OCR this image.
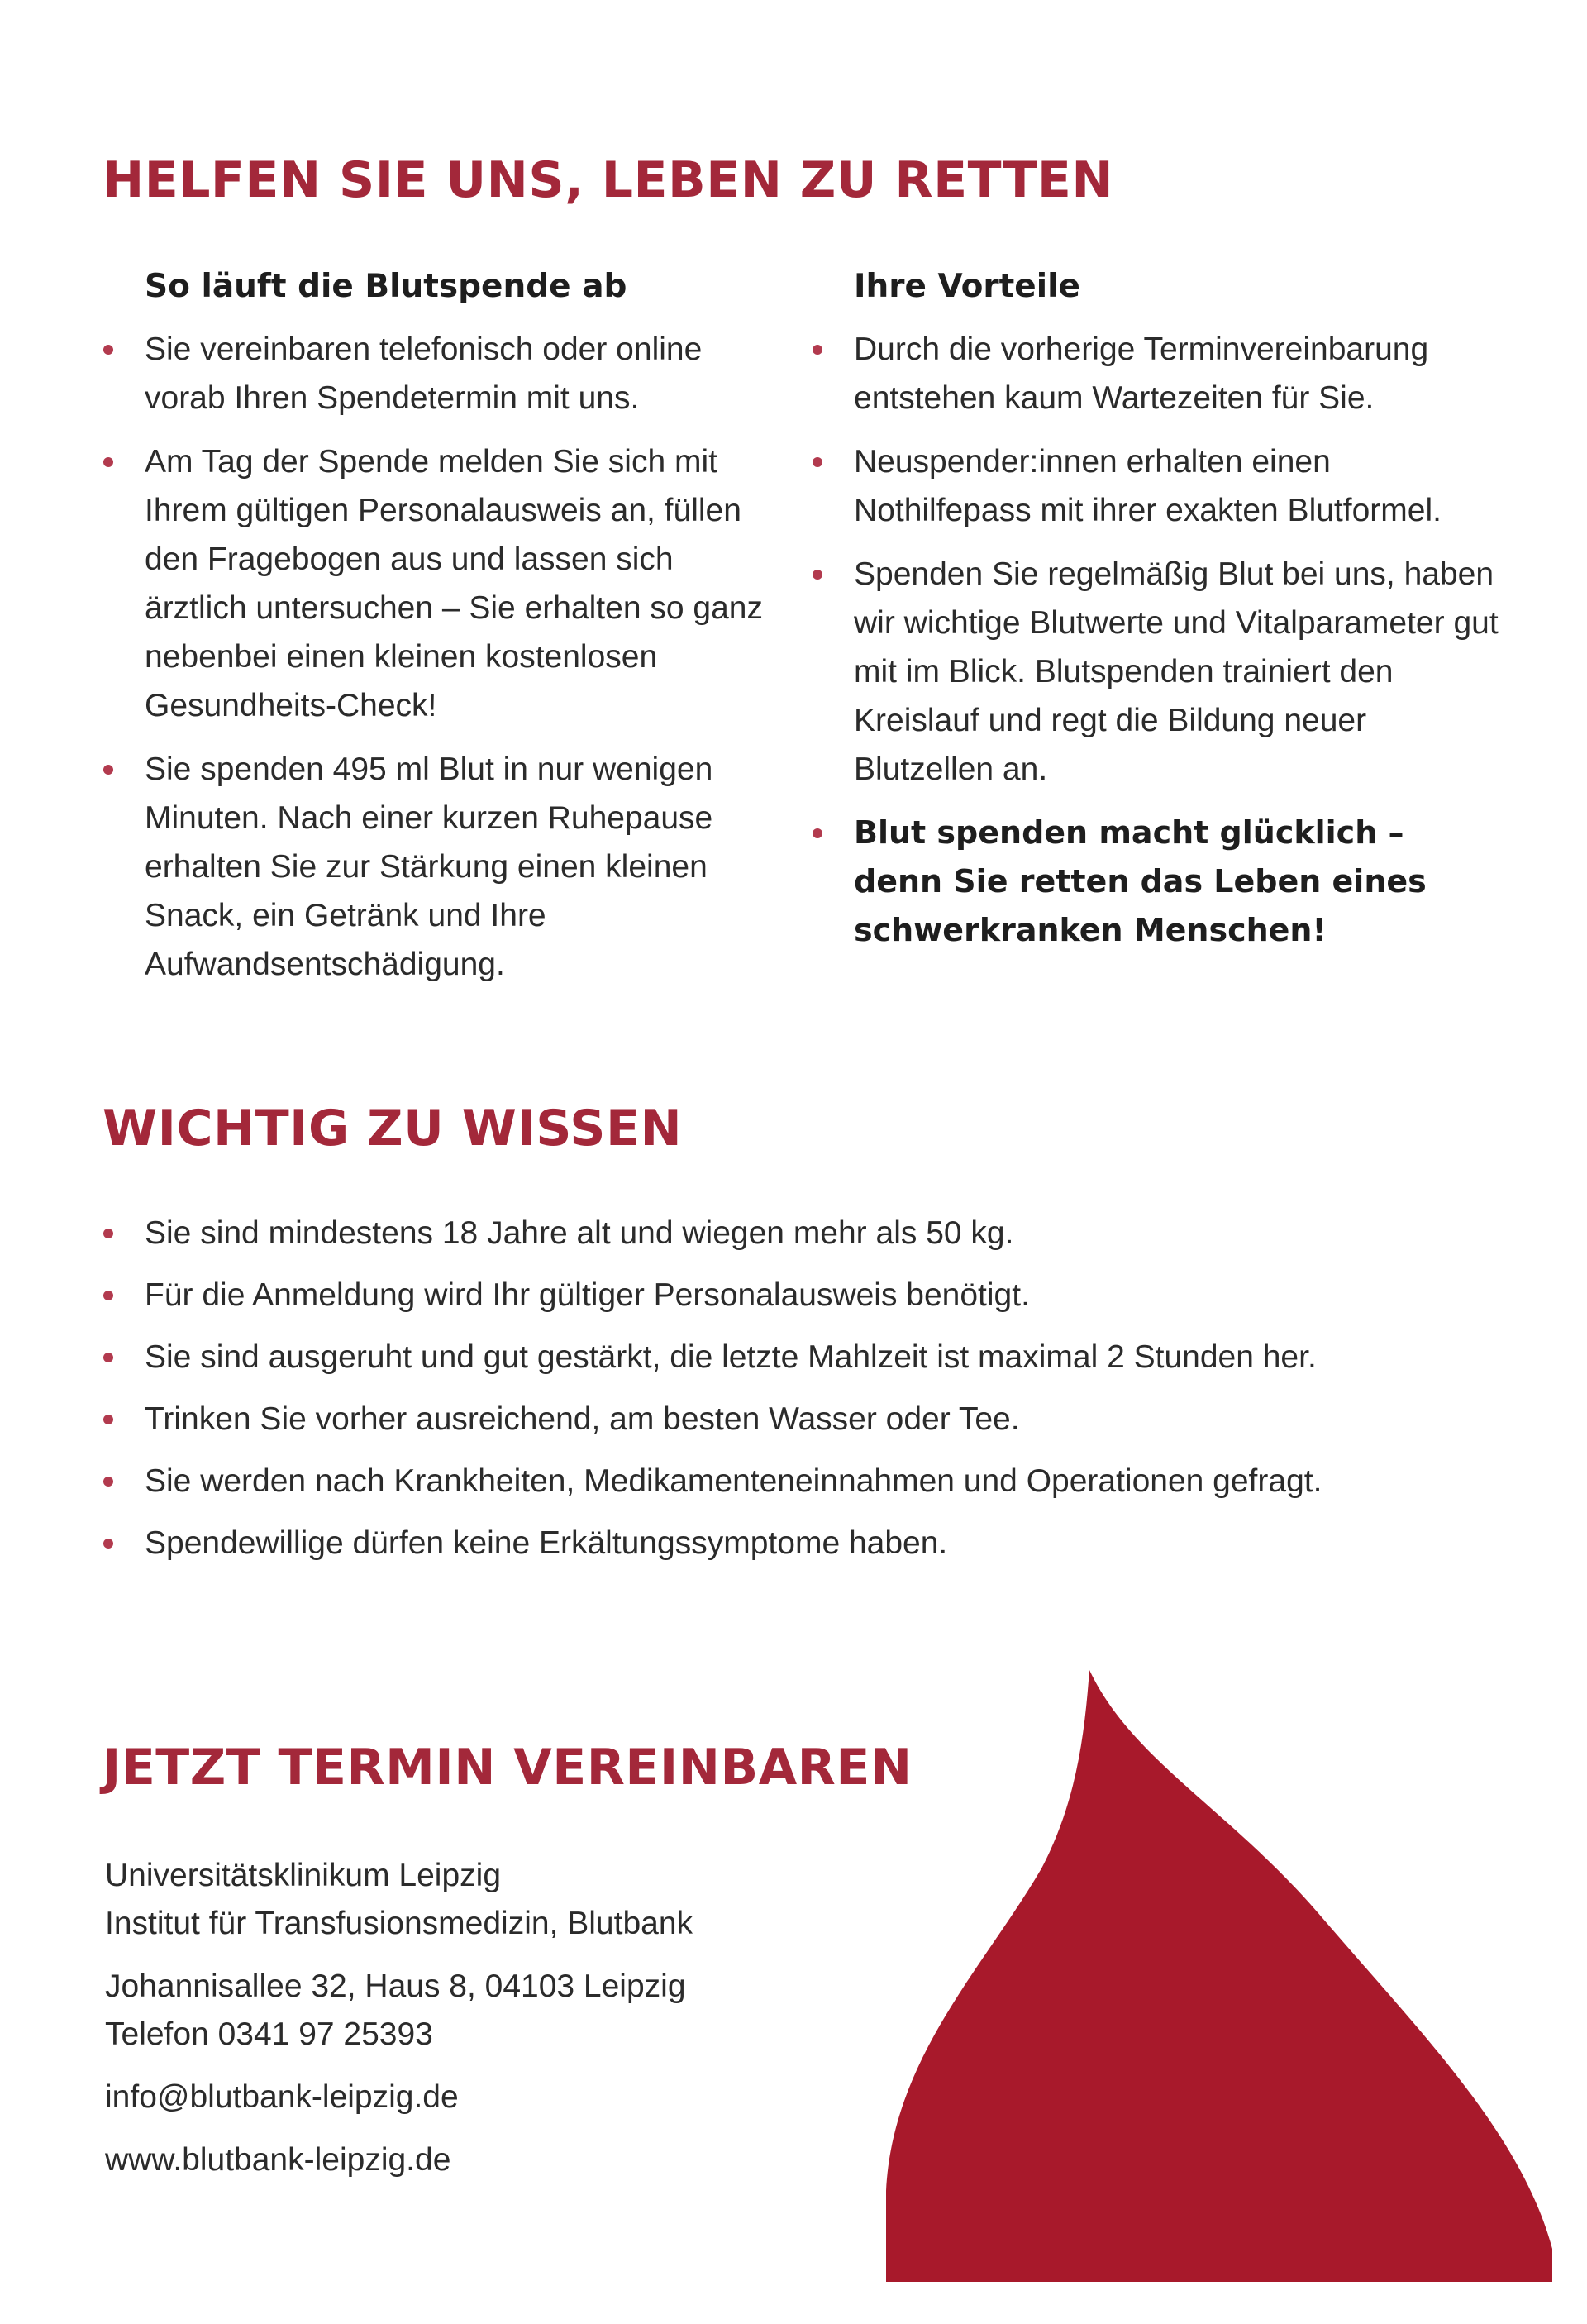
HELFEN SIE UNS, LEBEN ZU RETTEN
So läuft die Blutspende ab
Sie vereinbaren telefonisch oder online vorab Ihren Spendetermin mit uns.
Am Tag der Spende melden Sie sich mit Ihrem gültigen Personalausweis an, füllen den Fragebogen aus und lassen sich ärztlich untersuchen – Sie erhalten so ganz nebenbei einen kleinen kostenlosen Gesundheits-Check!
Sie spenden 495 ml Blut in nur wenigen Minuten. Nach einer kurzen Ruhepause erhalten Sie zur Stärkung einen kleinen Snack, ein Getränk und Ihre Aufwandsentschädigung.
Ihre Vorteile
Durch die vorherige Terminvereinbarung entstehen kaum Wartezeiten für Sie.
Neuspender:innen erhalten einen Nothilfepass mit ihrer exakten Blutformel.
Spenden Sie regelmäßig Blut bei uns, haben wir wichtige Blutwerte und Vitalparameter gut mit im Blick. Blutspenden trainiert den Kreislauf und regt die Bildung neuer Blutzellen an.
Blut spenden macht glücklich – denn Sie retten das Leben eines schwerkranken Menschen!
WICHTIG ZU WISSEN
Sie sind mindestens 18 Jahre alt und wiegen mehr als 50 kg.
Für die Anmeldung wird Ihr gültiger Personalausweis benötigt.
Sie sind ausgeruht und gut gestärkt, die letzte Mahlzeit ist maximal 2 Stunden her.
Trinken Sie vorher ausreichend, am besten Wasser oder Tee.
Sie werden nach Krankheiten, Medikamenteneinnahmen und Operationen gefragt.
Spendewillige dürfen keine Erkältungssymptome haben.
JETZT TERMIN VEREINBAREN
Universitätsklinikum Leipzig
Institut für Transfusionsmedizin, Blutbank
Johannisallee 32, Haus 8, 04103 Leipzig
Telefon 0341 97 25393
info@blutbank-leipzig.de
www.blutbank-leipzig.de
